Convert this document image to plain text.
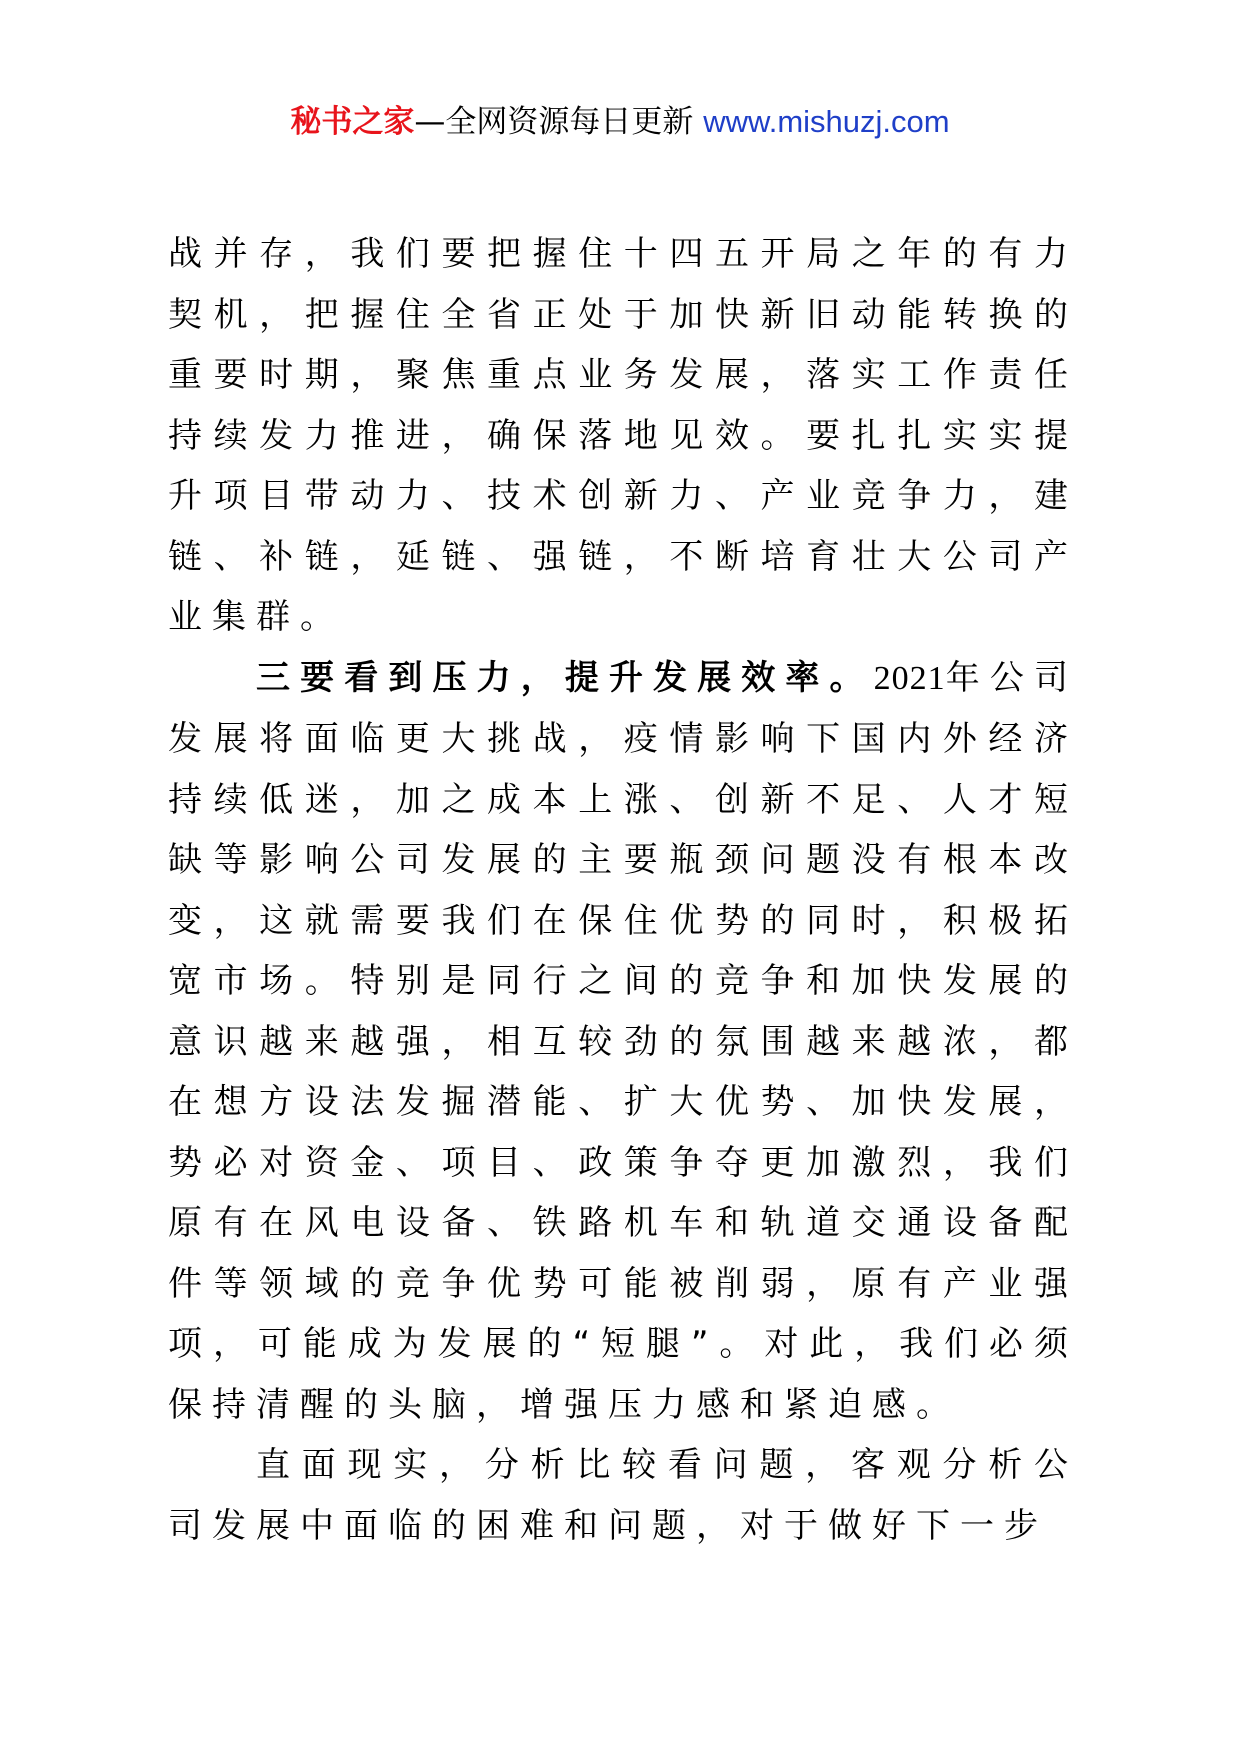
秘书之家—全网资源每日更新 www.mishuzj.com

战并存，我们要把握住十四五开局之年的有力契机，把握住全省正处于加快新旧动能转换的重要时期，聚焦重点业务发展，落实工作责任持续发力推进，确保落地见效。要扎扎实实提升项目带动力、技术创新力、产业竞争力，建链、补链，延链、强链，不断培育壮大公司产业集群。

三要看到压力，提升发展效率。2021年公司发展将面临更大挑战，疫情影响下国内外经济持续低迷，加之成本上涨、创新不足、人才短缺等影响公司发展的主要瓶颈问题没有根本改变，这就需要我们在保住优势的同时，积极拓宽市场。特别是同行之间的竞争和加快发展的意识越来越强，相互较劲的氛围越来越浓，都在想方设法发掘潜能、扩大优势、加快发展，势必对资金、项目、政策争夺更加激烈，我们原有在风电设备、铁路机车和轨道交通设备配件等领域的竞争优势可能被削弱，原有产业强项，可能成为发展的“短腿”。对此，我们必须保持清醒的头脑，增强压力感和紧迫感。

直面现实，分析比较看问题，客观分析公司发展中面临的困难和问题，对于做好下一步
